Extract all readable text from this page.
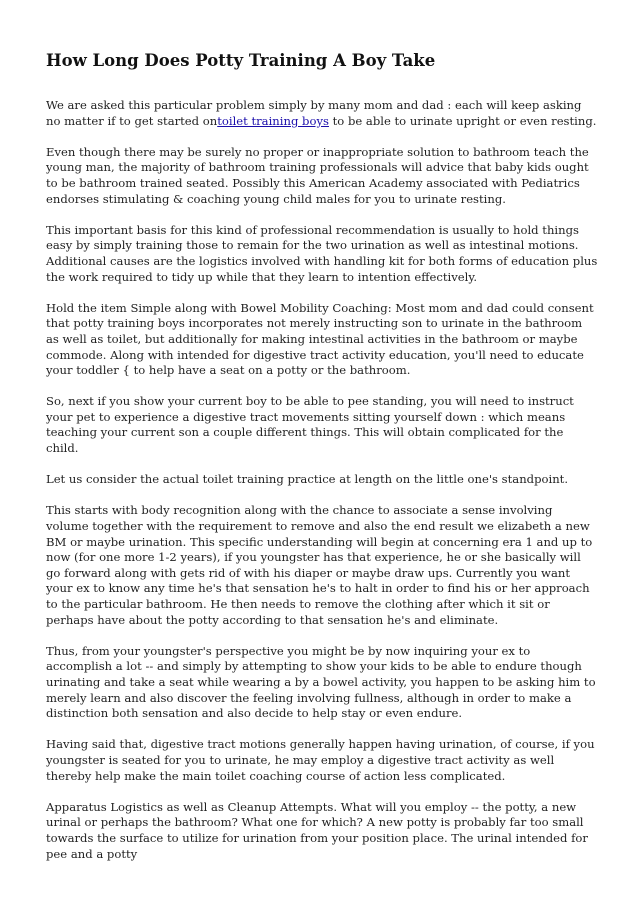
How Long Does Potty Training A Boy Take

We are asked this particular problem simply by many mom and dad : each will keep asking no matter if to get started ontoilet training boys to be able to urinate upright or even resting.

Even though there may be surely no proper or inappropriate solution to bathroom teach the young man, the majority of bathroom training professionals will advice that baby kids ought to be bathroom trained seated. Possibly this American Academy associated with Pediatrics endorses stimulating & coaching young child males for you to urinate resting.

This important basis for this kind of professional recommendation is usually to hold things easy by simply training those to remain for the two urination as well as intestinal motions. Additional causes are the logistics involved with handling kit for both forms of education plus the work required to tidy up while that they learn to intention effectively.

Hold the item Simple along with Bowel Mobility Coaching: Most mom and dad could consent that potty training boys incorporates not merely instructing son to urinate in the bathroom as well as toilet, but additionally for making intestinal activities in the bathroom or maybe commode. Along with intended for digestive tract activity education, you'll need to educate your toddler { to help have a seat on a potty or the bathroom.

So, next if you show your current boy to be able to pee standing, you will need to instruct your pet to experience a digestive tract movements sitting yourself down : which means teaching your current son a couple different things. This will obtain complicated for the child.

Let us consider the actual toilet training practice at length on the little one's standpoint.

This starts with body recognition along with the chance to associate a sense involving volume together with the requirement to remove and also the end result we elizabeth a new BM or maybe urination. This specific understanding will begin at concerning era 1 and up to now (for one more 1-2 years), if you youngster has that experience, he or she basically will go forward along with gets rid of with his diaper or maybe draw ups. Currently you want your ex to know any time he's that sensation he's to halt in order to find his or her approach to the particular bathroom. He then needs to remove the clothing after which it sit or perhaps have about the potty according to that sensation he's and eliminate.

Thus, from your youngster's perspective you might be by now inquiring your ex to accomplish a lot -- and simply by attempting to show your kids to be able to endure though urinating and take a seat while wearing a by a bowel activity, you happen to be asking him to merely learn and also discover the feeling involving fullness, although in order to make a distinction both sensation and also decide to help stay or even endure.

Having said that, digestive tract motions generally happen having urination, of course, if you youngster is seated for you to urinate, he may employ a digestive tract activity as well thereby help make the main toilet coaching course of action less complicated.

Apparatus Logistics as well as Cleanup Attempts. What will you employ -- the potty, a new urinal or perhaps the bathroom? What one for which? A new potty is probably far too small towards the surface to utilize for urination from your position place. The urinal intended for pee and a potty
